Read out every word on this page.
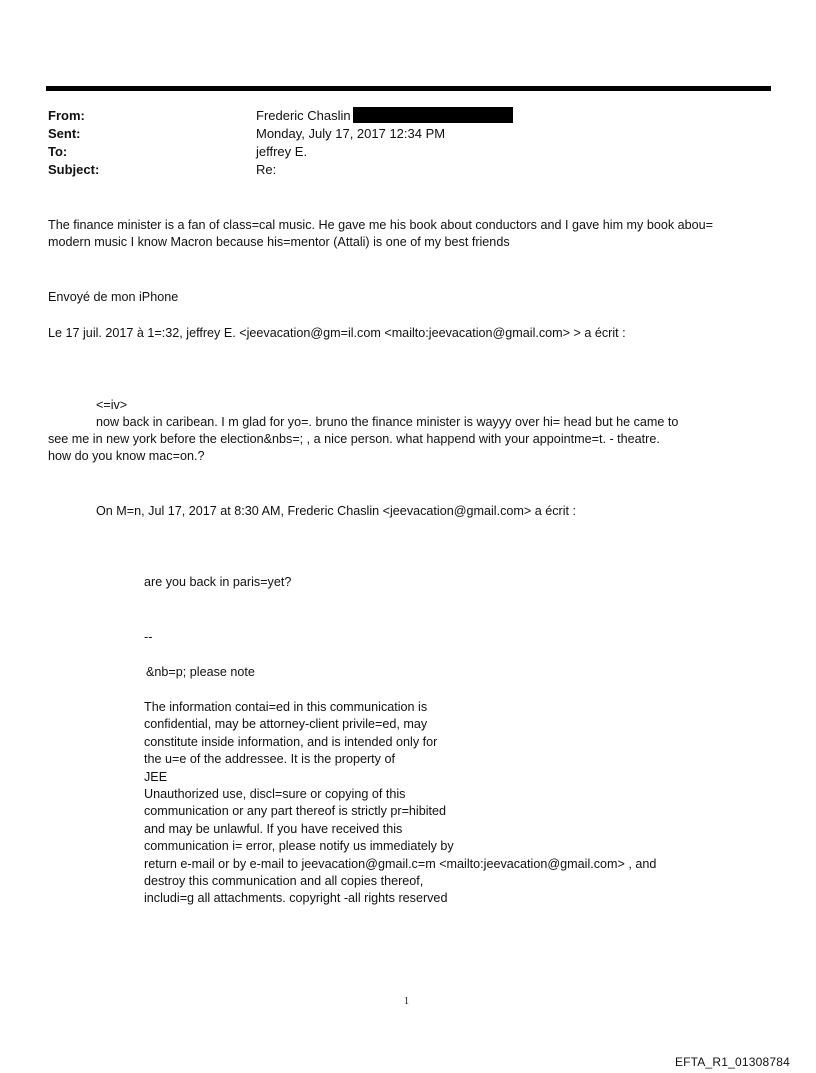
From:	Frederic Chaslin
Sent:	Monday, July 17, 2017 12:34 PM
To:	jeffrey E.
Subject:	Re:
The finance minister is a fan of class=cal music. He gave me his book about conductors and I gave him my book abou=
modern music I know Macron because his=mentor (Attali) is one of my best friends
Envoyé de mon iPhone
Le 17 juil. 2017 à 1=:32, jeffrey E. <jeevacation@gm=il.com <mailto:jeevacation@gmail.com> > a écrit :
<=iv>
now back in caribean. I m glad for yo=. bruno the finance minister is wayyy over hi= head but he came to
see me in new york before the election&nbs=; , a nice person. what happend with your appointme=t. - theatre.
how do you know mac=on.?
On M=n, Jul 17, 2017 at 8:30 AM, Frederic Chaslin <jeevacation@gmail.com> a écrit :
are you back in paris=yet?
--
&nb=p; please note
The information contai=ed in this communication is
confidential, may be attorney-client privile=ed, may
constitute inside information, and is intended only for
the u=e of the addressee. It is the property of
JEE
Unauthorized use, discl=sure or copying of this
communication or any part thereof is strictly pr=hibited
and may be unlawful. If you have received this
communication i= error, please notify us immediately by
return e-mail or by e-mail to jeevacation@gmail.c=m <mailto:jeevacation@gmail.com> , and
destroy this communication and all copies thereof,
includi=g all attachments. copyright -all rights reserved
1
EFTA_R1_01308784
